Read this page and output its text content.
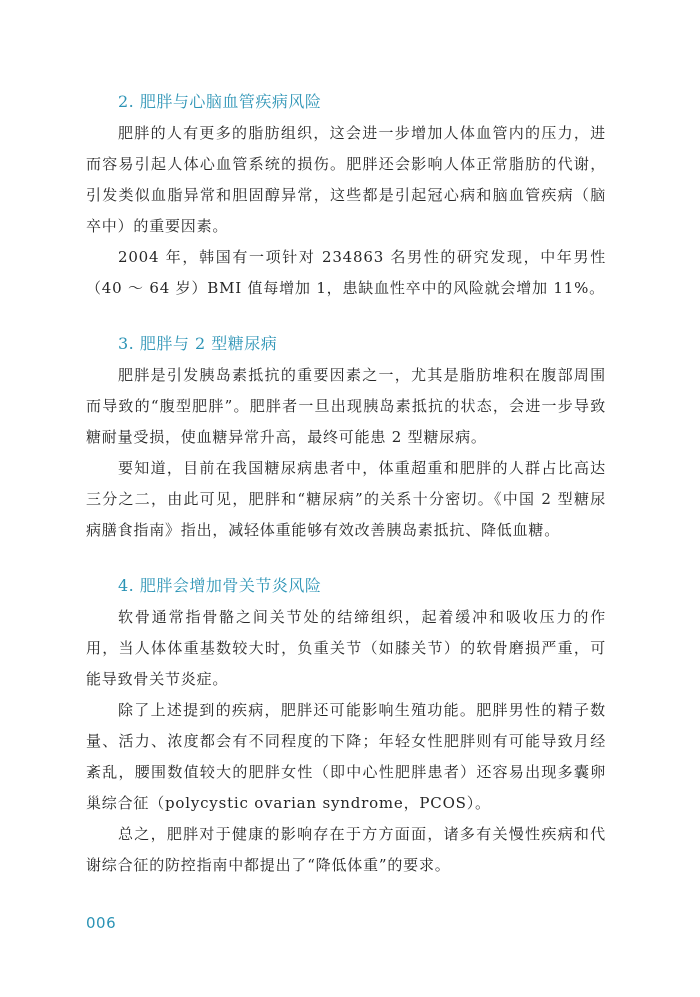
2. 肥胖与心脑血管疾病风险

肥胖的人有更多的脂肪组织，这会进一步增加人体血管内的压力，进而容易引起人体心血管系统的损伤。肥胖还会影响人体正常脂肪的代谢，引发类似血脂异常和胆固醇异常，这些都是引起冠心病和脑血管疾病（脑卒中）的重要因素。

2004 年，韩国有一项针对 234863 名男性的研究发现，中年男性（40 ～ 64 岁）BMI 值每增加 1，患缺血性卒中的风险就会增加 11%。

3. 肥胖与 2 型糖尿病

肥胖是引发胰岛素抵抗的重要因素之一，尤其是脂肪堆积在腹部周围而导致的“腹型肥胖”。肥胖者一旦出现胰岛素抵抗的状态，会进一步导致糖耐量受损，使血糖异常升高，最终可能患 2 型糖尿病。

要知道，目前在我国糖尿病患者中，体重超重和肥胖的人群占比高达三分之二，由此可见，肥胖和“糖尿病”的关系十分密切。《中国 2 型糖尿病膳食指南》指出，减轻体重能够有效改善胰岛素抵抗、降低血糖。

4. 肥胖会增加骨关节炎风险

软骨通常指骨骼之间关节处的结缔组织，起着缓冲和吸收压力的作用，当人体体重基数较大时，负重关节（如膝关节）的软骨磨损严重，可能导致骨关节炎症。

除了上述提到的疾病，肥胖还可能影响生殖功能。肥胖男性的精子数量、活力、浓度都会有不同程度的下降；年轻女性肥胖则有可能导致月经紊乱，腰围数值较大的肥胖女性（即中心性肥胖患者）还容易出现多囊卵巢综合征（polycystic ovarian syndrome，PCOS）。

总之，肥胖对于健康的影响存在于方方面面，诸多有关慢性疾病和代谢综合征的防控指南中都提出了“降低体重”的要求。

006
